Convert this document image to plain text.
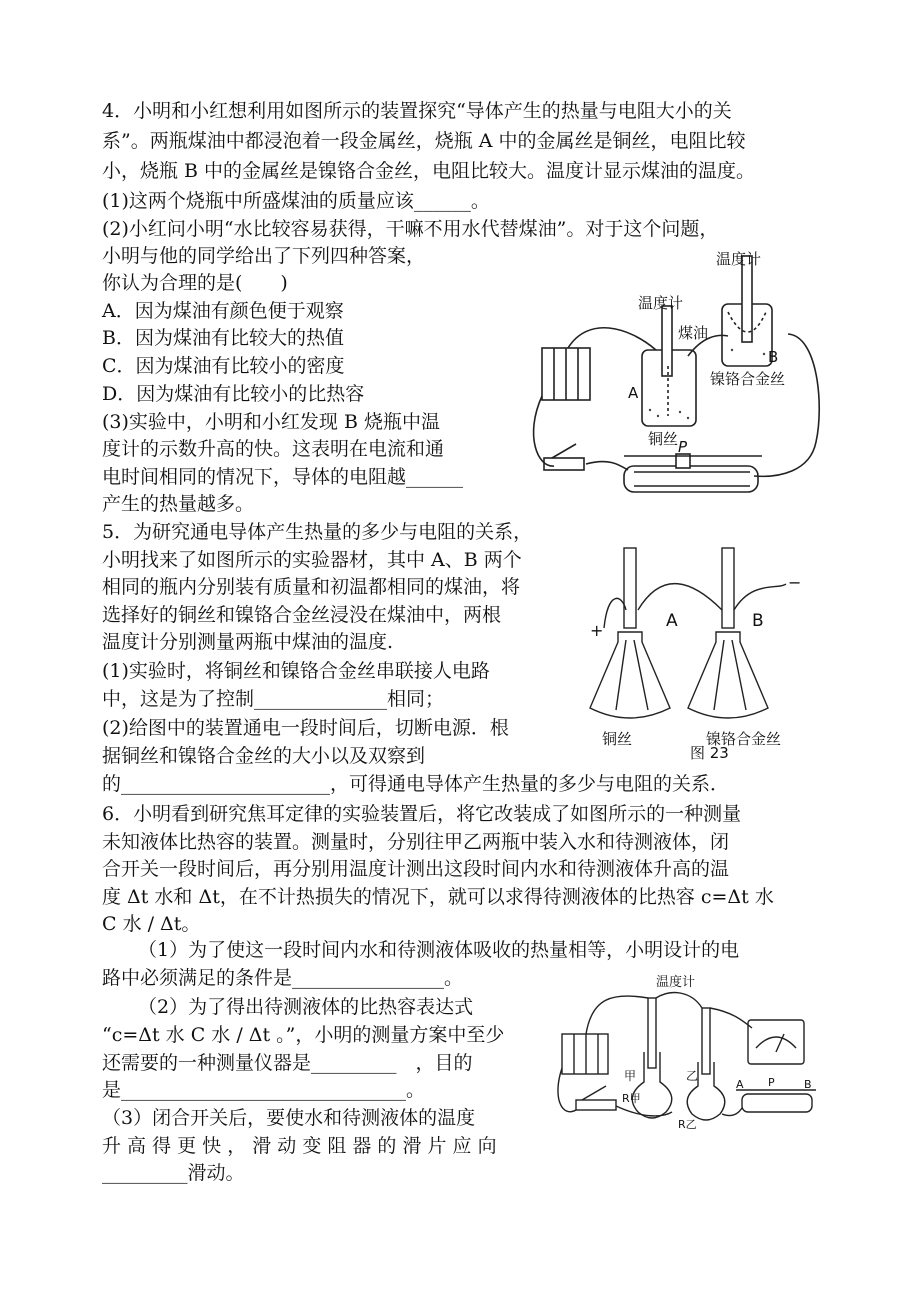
4．小明和小红想利用如图所示的装置探究“导体产生的热量与电阻大小的关
系”。两瓶煤油中都浸泡着一段金属丝，烧瓶 A 中的金属丝是铜丝，电阻比较
小，烧瓶 B 中的金属丝是镍铬合金丝，电阻比较大。温度计显示煤油的温度。
(1)这两个烧瓶中所盛煤油的质量应该______。
(2)小红问小明“水比较容易获得，干嘛不用水代替煤油”。对于这个问题，
小明与他的同学给出了下列四种答案，
你认为合理的是(　　)
A．因为煤油有颜色便于观察
B．因为煤油有比较大的热值
C．因为煤油有比较小的密度
D．因为煤油有比较小的比热容
(3)实验中，小明和小红发现 B 烧瓶中温
度计的示数升高的快。这表明在电流和通
电时间相同的情况下，导体的电阻越______
产生的热量越多。
温度计
温度计
煤油
A
B
镍铬合金丝
铜丝 P
5．为研究通电导体产生热量的多少与电阻的关系，
小明找来了如图所示的实验器材，其中 A、B 两个
相同的瓶内分别装有质量和初温都相同的煤油，将
选择好的铜丝和镍铬合金丝浸没在煤油中，两根
温度计分别测量两瓶中煤油的温度.
(1)实验时，将铜丝和镍铬合金丝串联接人电路
中，这是为了控制______________相同；
(2)给图中的装置通电一段时间后，切断电源．根
据铜丝和镍铬合金丝的大小以及双察到
的______________________，可得通电导体产生热量的多少与电阻的关系．
+
−
A	B
铜丝	镍铬合金丝
图 23
6．小明看到研究焦耳定律的实验装置后，将它改装成了如图所示的一种测量
未知液体比热容的装置。测量时，分别往甲乙两瓶中装入水和待测液体，闭
合开关一段时间后，再分别用温度计测出这段时间内水和待测液体升高的温
度 Δt 水和 Δt，在不计热损失的情况下，就可以求得待测液体的比热容 c=Δt 水
C 水 / Δt。
（1）为了使这一段时间内水和待测液体吸收的热量相等，小明设计的电
路中必须满足的条件是________________。
（2）为了得出待测液体的比热容表达式
“c=Δt 水 C 水 / Δt 。”，小明的测量方案中至少
还需要的一种测量仪器是_________　，目的
是______________________________。
（3）闭合开关后，要使水和待测液体的温度
升 高 得 更 快 ， 滑 动 变 阻 器 的 滑 片 应 向
_________滑动。
温度计
甲	乙
R甲
R乙
A P	B
